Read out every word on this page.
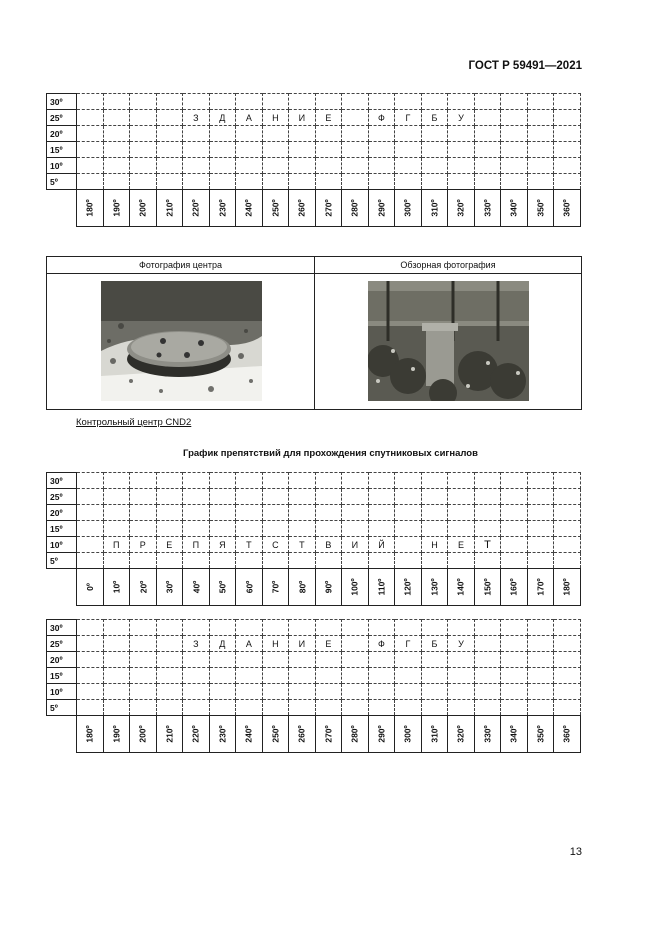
ГОСТ Р 59491—2021
30º																			
25º					З	Д	А	Н	И	Е		Ф	Г	Б	У				
20º																			
15º																			
10º																			
5º																			
	180º	190º	200º	210º	220º	230º	240º	250º	260º	270º	280º	290º	300º	310º	320º	330º	340º	350º	360º
Фотография центра	Обзорная фотография

Контрольный центр CND2
График препятствий для прохождения спутниковых сигналов
30º																			
25º																			
20º																			
15º																			
10º		П	Р	Е	П	Я	Т	С	Т	В	И	Й		Н	Е	Т			
5º																			
	0º	10º	20º	30º	40º	50º	60º	70º	80º	90º	100º	110º	120º	130º	140º	150º	160º	170º	180º
30º																			
25º					З	Д	А	Н	И	Е		Ф	Г	Б	У				
20º																			
15º																			
10º																			
5º																			
	180º	190º	200º	210º	220º	230º	240º	250º	260º	270º	280º	290º	300º	310º	320º	330º	340º	350º	360º
13
